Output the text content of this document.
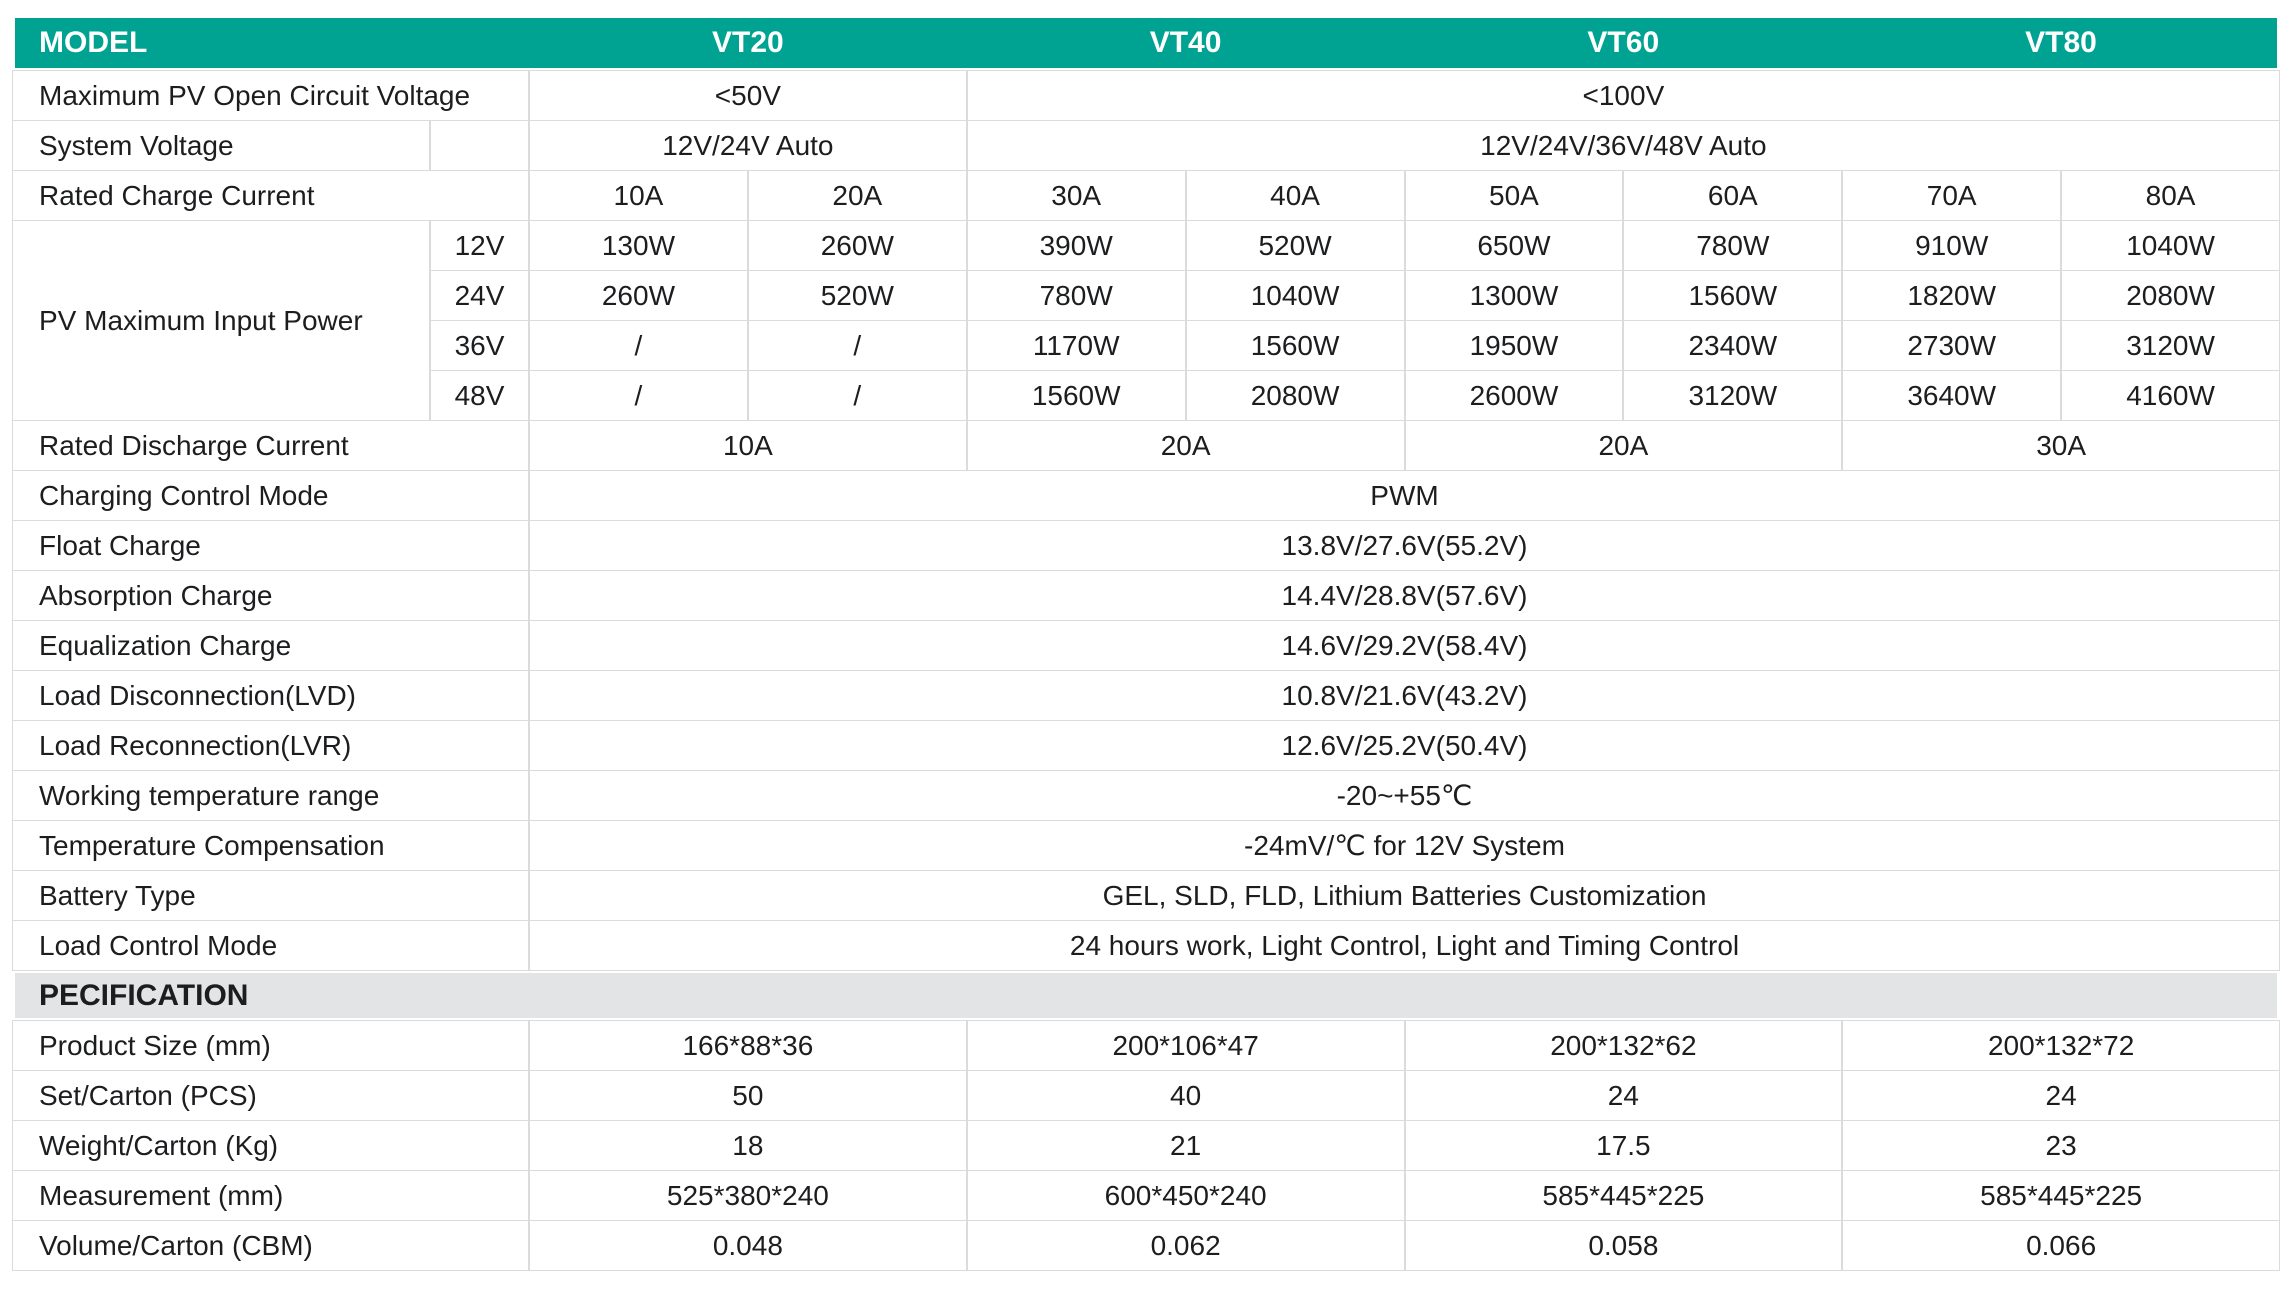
MODEL	VT20	VT40	VT60	VT80
Maximum PV Open Circuit Voltage	<50V	<100V
System Voltage	12V/24V Auto	12V/24V/36V/48V Auto
Rated Charge Current	10A	20A	30A	40A	50A	60A	70A	80A
PV Maximum Input Power
12V	130W	260W	390W	520W	650W	780W	910W	1040W
24V	260W	520W	780W	1040W	1300W	1560W	1820W	2080W
36V	/	/	1170W	1560W	1950W	2340W	2730W	3120W
48V	/	/	1560W	2080W	2600W	3120W	3640W	4160W
Rated Discharge Current	10A	20A	20A	30A
Charging Control Mode	PWM
Float Charge	13.8V/27.6V(55.2V)
Absorption Charge	14.4V/28.8V(57.6V)
Equalization Charge	14.6V/29.2V(58.4V)
Load Disconnection(LVD)	10.8V/21.6V(43.2V)
Load Reconnection(LVR)	12.6V/25.2V(50.4V)
Working temperature range	-20~+55℃
Temperature Compensation	-24mV/℃ for 12V System
Battery Type	GEL, SLD, FLD, Lithium Batteries Customization
Load Control Mode	24 hours work, Light Control, Light and Timing Control
PECIFICATION
Product Size (mm)	166*88*36	200*106*47	200*132*62	200*132*72
Set/Carton (PCS)	50	40	24	24
Weight/Carton (Kg)	18	21	17.5	23
Measurement (mm)	525*380*240	600*450*240	585*445*225	585*445*225
Volume/Carton (CBM)	0.048	0.062	0.058	0.066
